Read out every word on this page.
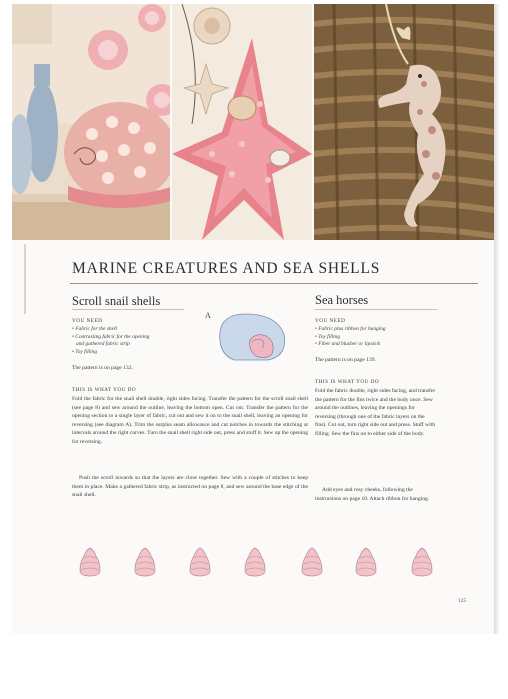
MARINE CREATURES AND SEA SHELLS
Scroll snail shells
YOU NEED
• Fabric for the shell
• Contrasting fabric for the opening
and gathered fabric strip
• Toy filling
The pattern is on page 132.
A
THIS IS WHAT YOU DO
Fold the fabric for the snail shell double, right sides facing. Transfer the pattern for the scroll snail shell (see page 8) and sew around the outline, leaving the bottom open. Cut out. Transfer the pattern for the opening section to a single layer of fabric, cut out and sew it on to the snail shell, leaving an opening for reversing (see diagram A). Trim the surplus seam allowance and cut notches in towards the stitching at intervals around the right curves. Turn the snail shell right side out, press and stuff it. Sew up the opening for reversing.
Push the scroll inwards so that the layers are close together. Sew with a couple of stitches to keep them in place. Make a gathered fabric strip, as instructed on page 8, and sew around the base edge of the snail shell.
Sea horses
YOU NEED
• Fabric plus ribbon for hanging
• Toy filling
• Fiber and blusher or lipstick
The pattern is on page 139.
THIS IS WHAT YOU DO
Fold the fabric double, right sides facing, and transfer the pattern for the fins twice and the body once. Sew around the outlines, leaving the openings for reversing (through one of the fabric layers on the fins). Cut out, turn right side out and press. Stuff with filling. Sew the fins on to either side of the body.
Add eyes and rosy cheeks, following the instructions on page 10. Attach ribbon for hanging.
125
